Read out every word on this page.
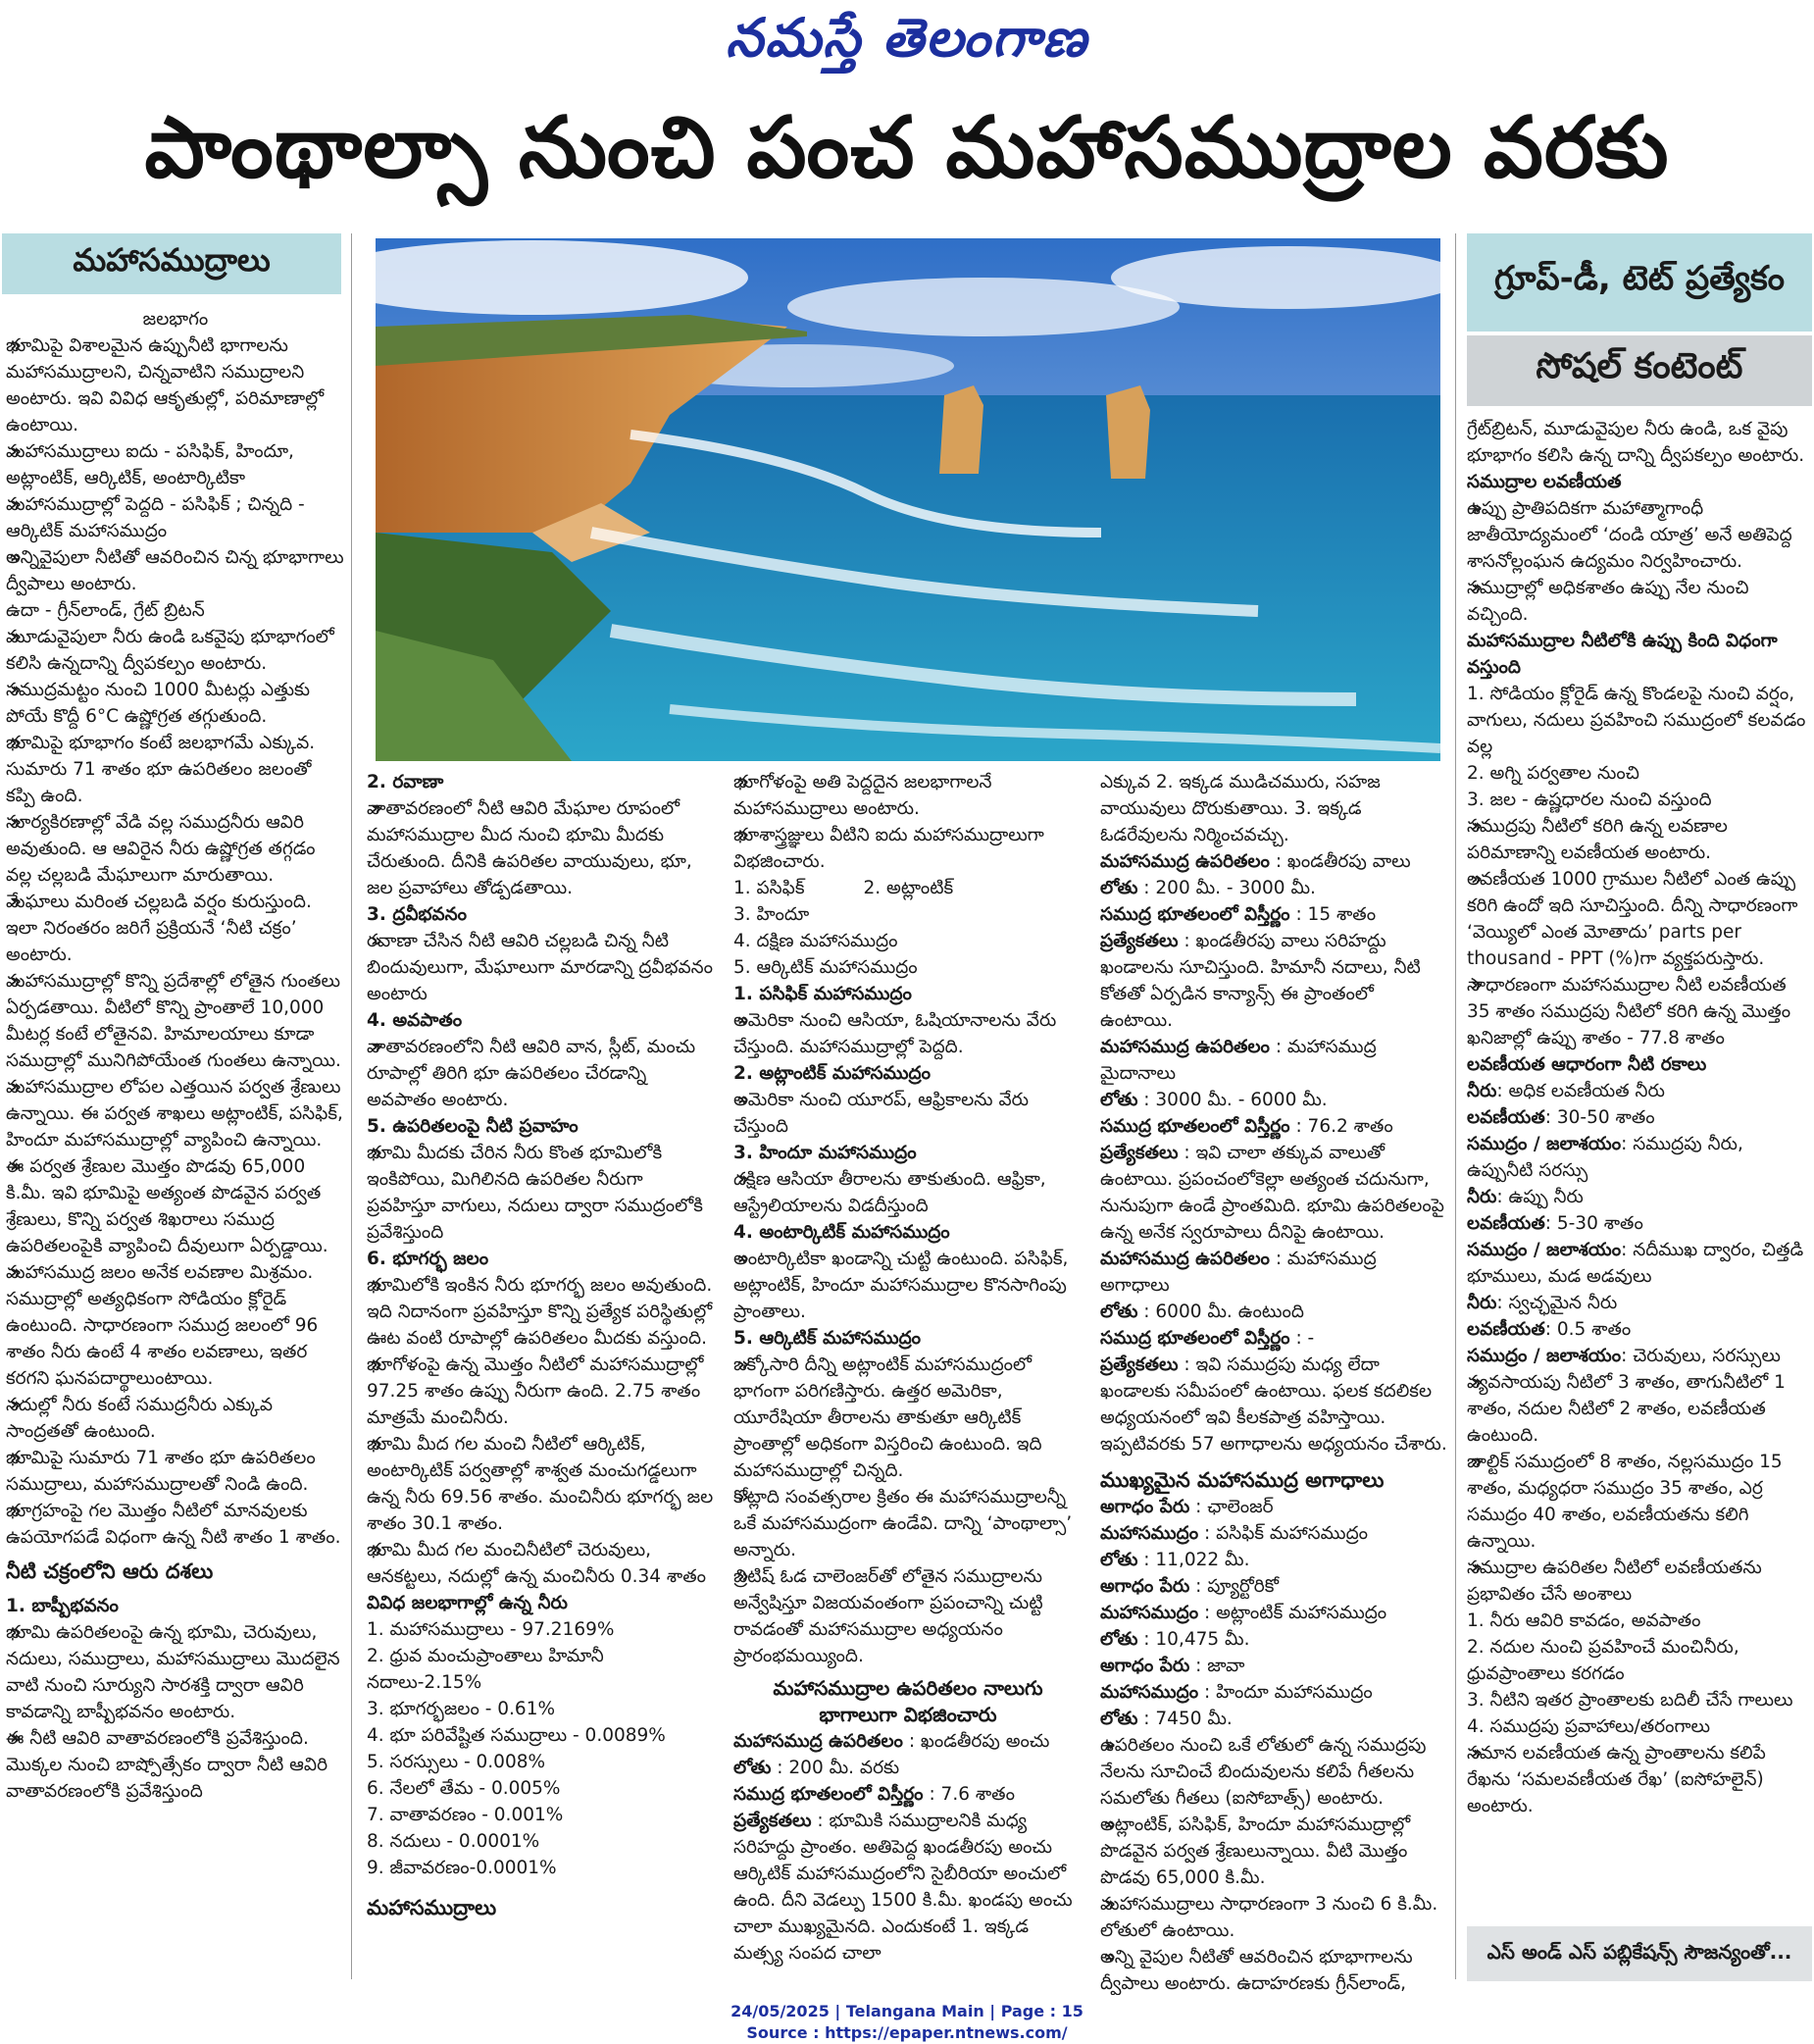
నమస్తే తెలంగాణ
పాంథాల్సా నుంచి పంచ మహాసముద్రాల వరకు
మహాసముద్రాలు	గ్రూప్-డీ, టెట్ ప్రత్యేకం
సోషల్ కంటెంట్

జలభాగం

» భూమిపై విశాలమైన ఉప్పునీటి భాగాలను మహాసముద్రాలని, చిన్నవాటిని సముద్రాలని అంటారు. ఇవి వివిధ ఆకృతుల్లో, పరిమాణాల్లో ఉంటాయి.

» మహాసముద్రాలు ఐదు - పసిఫిక్, హిందూ, అట్లాంటిక్, ఆర్కిటిక్, అంటార్కిటికా

» మహాసముద్రాల్లో పెద్దది - పసిఫిక్ ; చిన్నది - ఆర్కిటిక్ మహాసముద్రం

» అన్నివైపులా నీటితో ఆవరించిన చిన్న భూభాగాలు ద్వీపాలు అంటారు.

ఉదా - గ్రీన్‌లాండ్, గ్రేట్ బ్రిటన్

» మూడువైపులా నీరు ఉండి ఒకవైపు భూభాగంలో కలిసి ఉన్నదాన్ని ద్వీపకల్పం అంటారు.

» సముద్రమట్టం నుంచి 1000 మీటర్లు ఎత్తుకు పోయే కొద్దీ 6°C ఉష్ణోగ్రత తగ్గుతుంది.

» భూమిపై భూభాగం కంటే జలభాగమే ఎక్కువ. సుమారు 71 శాతం భూ ఉపరితలం జలంతో కప్పి ఉంది.

» సూర్యకిరణాల్లో వేడి వల్ల సముద్రనీరు ఆవిరి అవుతుంది. ఆ ఆవిరైన నీరు ఉష్ణోగ్రత తగ్గడం వల్ల చల్లబడి మేఘాలుగా మారుతాయి.

» మేఘాలు మరింత చల్లబడి వర్షం కురుస్తుంది. ఇలా నిరంతరం జరిగే ప్రక్రియనే ‘నీటి చక్రం’ అంటారు.

» మహాసముద్రాల్లో కొన్ని ప్రదేశాల్లో లోతైన గుంతలు ఏర్పడతాయి. వీటిలో కొన్ని ప్రాంతాలే 10,000 మీటర్ల కంటే లోతైనవి. హిమాలయాలు కూడా సముద్రాల్లో మునిగిపోయేంత గుంతలు ఉన్నాయి.

» మహాసముద్రాల లోపల ఎత్తయిన పర్వత శ్రేణులు ఉన్నాయి. ఈ పర్వత శాఖలు అట్లాంటిక్, పసిఫిక్, హిందూ మహాసముద్రాల్లో వ్యాపించి ఉన్నాయి.

» ఈ పర్వత శ్రేణుల మొత్తం పొడవు 65,000 కి.మీ. ఇవి భూమిపై అత్యంత పొడవైన పర్వత శ్రేణులు, కొన్ని పర్వత శిఖరాలు సముద్ర ఉపరితలంపైకి వ్యాపించి దీవులుగా ఏర్పడ్డాయి.

» మహాసముద్ర జలం అనేక లవణాల మిశ్రమం. సముద్రాల్లో అత్యధికంగా సోడియం క్లోరైడ్ ఉంటుంది. సాధారణంగా సముద్ర జలంలో 96 శాతం నీరు ఉంటే 4 శాతం లవణాలు, ఇతర కరగని ఘనపదార్థాలుంటాయి.

» నదుల్లో నీరు కంటే సముద్రనీరు ఎక్కువ సాంద్రతతో ఉంటుంది.

» భూమిపై సుమారు 71 శాతం భూ ఉపరితలం సముద్రాలు, మహాసముద్రాలతో నిండి ఉంది.

» భూగ్రహంపై గల మొత్తం నీటిలో మానవులకు ఉపయోగపడే విధంగా ఉన్న నీటి శాతం 1 శాతం.

నీటి చక్రంలోని ఆరు దశలు

1. బాష్పీభవనం

» భూమి ఉపరితలంపై ఉన్న భూమి, చెరువులు, నదులు, సముద్రాలు, మహాసముద్రాలు మొదలైన వాటి నుంచి సూర్యుని సారశక్తి ద్వారా ఆవిరి కావడాన్ని బాష్పీభవనం అంటారు.

» ఈ నీటి ఆవిరి వాతావరణంలోకి ప్రవేశిస్తుంది. మొక్కల నుంచి బాష్పోత్సేకం ద్వారా నీటి ఆవిరి వాతావరణంలోకి ప్రవేశిస్తుంది

2. రవాణా

» వాతావరణంలో నీటి ఆవిరి మేఘాల రూపంలో మహాసముద్రాల మీద నుంచి భూమి మీదకు చేరుతుంది. దీనికి ఉపరితల వాయువులు, భూ, జల ప్రవాహాలు తోడ్పడతాయి.

3. ద్రవీభవనం

» రవాణా చేసిన నీటి ఆవిరి చల్లబడి చిన్న నీటి బిందువులుగా, మేఘాలుగా మారడాన్ని ద్రవీభవనం అంటారు

4. అవపాతం

» వాతావరణంలోని నీటి ఆవిరి వాన, స్లీట్, మంచు రూపాల్లో తిరిగి భూ ఉపరితలం చేరడాన్ని అవపాతం అంటారు.

5. ఉపరితలంపై నీటి ప్రవాహం

» భూమి మీదకు చేరిన నీరు కొంత భూమిలోకి ఇంకిపోయి, మిగిలినది ఉపరితల నీరుగా ప్రవహిస్తూ వాగులు, నదులు ద్వారా సముద్రంలోకి ప్రవేశిస్తుంది

6. భూగర్భ జలం

» భూమిలోకి ఇంకిన నీరు భూగర్భ జలం అవుతుంది. ఇది నిదానంగా ప్రవహిస్తూ కొన్ని ప్రత్యేక పరిస్థితుల్లో ఊట వంటి రూపాల్లో ఉపరితలం మీదకు వస్తుంది.

» భూగోళంపై ఉన్న మొత్తం నీటిలో మహాసముద్రాల్లో 97.25 శాతం ఉప్పు నీరుగా ఉంది. 2.75 శాతం మాత్రమే మంచినీరు.

» భూమి మీద గల మంచి నీటిలో ఆర్కిటిక్, అంటార్కిటిక్ పర్వతాల్లో శాశ్వత మంచుగడ్డలుగా ఉన్న నీరు 69.56 శాతం. మంచినీరు భూగర్భ జల శాతం 30.1 శాతం.

» భూమి మీద గల మంచినీటిలో చెరువులు, ఆనకట్టలు, నదుల్లో ఉన్న మంచినీరు 0.34 శాతం

వివిధ జలభాగాల్లో ఉన్న నీరు

1. మహాసముద్రాలు - 97.2169%

2. ధ్రువ మంచుప్రాంతాలు హిమానీ నదాలు-2.15%

3. భూగర్భజలం - 0.61%

4. భూ పరివేష్టిత సముద్రాలు - 0.0089%

5. సరస్సులు - 0.008%

6. నేలలో తేమ - 0.005%

7. వాతావరణం - 0.001%

8. నదులు - 0.0001%

9. జీవావరణం-0.0001%

మహాసముద్రాలు

» భూగోళంపై అతి పెద్దదైన జలభాగాలనే మహాసముద్రాలు అంటారు.

» భూశాస్త్రజ్ఞులు వీటిని ఐదు మహాసముద్రాలుగా విభజించారు.

1. పసిఫిక్	2. అట్లాంటిక్

3. హిందూ

4. దక్షిణ మహాసముద్రం

5. ఆర్కిటిక్ మహాసముద్రం

1. పసిఫిక్ మహాసముద్రం

» అమెరికా నుంచి ఆసియా, ఓషియానాలను వేరు చేస్తుంది. మహాసముద్రాల్లో పెద్దది.

2. అట్లాంటిక్ మహాసముద్రం

» అమెరికా నుంచి యూరప్, ఆఫ్రికాలను వేరు చేస్తుంది

3. హిందూ మహాసముద్రం

» దక్షిణ ఆసియా తీరాలను తాకుతుంది. ఆఫ్రికా, ఆస్ట్రేలియాలను విడదీస్తుంది

4. అంటార్కిటిక్ మహాసముద్రం

» అంటార్కిటికా ఖండాన్ని చుట్టి ఉంటుంది. పసిఫిక్, అట్లాంటిక్, హిందూ మహాసముద్రాల కొనసాగింపు ప్రాంతాలు.

5. ఆర్కిటిక్ మహాసముద్రం

» ఒక్కోసారి దీన్ని అట్లాంటిక్ మహాసముద్రంలో భాగంగా పరిగణిస్తారు. ఉత్తర అమెరికా, యూరేషియా తీరాలను తాకుతూ ఆర్కిటిక్ ప్రాంతాల్లో అధికంగా విస్తరించి ఉంటుంది. ఇది మహాసముద్రాల్లో చిన్నది.

» కోట్లాది సంవత్సరాల క్రితం ఈ మహాసముద్రాలన్నీ ఒకే మహాసముద్రంగా ఉండేవి. దాన్ని ‘పాంథాల్సా’ అన్నారు.

» బ్రిటిష్ ఓడ చాలెంజర్‌తో లోతైన సముద్రాలను అన్వేషిస్తూ విజయవంతంగా ప్రపంచాన్ని చుట్టి రావడంతో మహాసముద్రాల అధ్యయనం ప్రారంభమయ్యింది.

మహాసముద్రాల ఉపరితలం నాలుగు భాగాలుగా విభజించారు

మహాసముద్ర ఉపరితలం : ఖండతీరపు అంచు

లోతు : 200 మీ. వరకు

సముద్ర భూతలంలో విస్తీర్ణం : 7.6 శాతం

ప్రత్యేకతలు : భూమికి సముద్రాలనికి మధ్య సరిహద్దు ప్రాంతం. అతిపెద్ద ఖండతీరపు అంచు ఆర్కిటిక్ మహాసముద్రంలోని సైబీరియా అంచులో ఉంది. దీని వెడల్పు 1500 కి.మీ. ఖండపు అంచు చాలా ముఖ్యమైనది. ఎందుకంటే 1. ఇక్కడ మత్స్య సంపద చాలా

ఎక్కువ 2. ఇక్కడ ముడిచమురు, సహజ వాయువులు దొరుకుతాయి. 3. ఇక్కడ ఓడరేవులను నిర్మించవచ్చు.

మహాసముద్ర ఉపరితలం : ఖండతీరపు వాలు

లోతు : 200 మీ. - 3000 మీ.

సముద్ర భూతలంలో విస్తీర్ణం : 15 శాతం

ప్రత్యేకతలు : ఖండతీరపు వాలు సరిహద్దు ఖండాలను సూచిస్తుంది. హిమానీ నదాలు, నీటి కోతతో ఏర్పడిన కాన్యాన్స్ ఈ ప్రాంతంలో ఉంటాయి.

మహాసముద్ర ఉపరితలం : మహాసముద్ర మైదానాలు

లోతు : 3000 మీ. - 6000 మీ.

సముద్ర భూతలంలో విస్తీర్ణం : 76.2 శాతం

ప్రత్యేకతలు : ఇవి చాలా తక్కువ వాలుతో ఉంటాయి. ప్రపంచంలోకెల్లా అత్యంత చదునుగా, నునుపుగా ఉండే ప్రాంతమిది. భూమి ఉపరితలంపై ఉన్న అనేక స్వరూపాలు దీనిపై ఉంటాయి.

మహాసముద్ర ఉపరితలం : మహాసముద్ర అగాధాలు

లోతు : 6000 మీ. ఉంటుంది

సముద్ర భూతలంలో విస్తీర్ణం : -

ప్రత్యేకతలు : ఇవి సముద్రపు మధ్య లేదా ఖండాలకు సమీపంలో ఉంటాయి. ఫలక కదలికల అధ్యయనంలో ఇవి కీలకపాత్ర వహిస్తాయి. ఇప్పటివరకు 57 అగాధాలను అధ్యయనం చేశారు.

ముఖ్యమైన మహాసముద్ర అగాధాలు

అగాధం పేరు : ఛాలెంజర్

మహాసముద్రం : పసిఫిక్ మహాసముద్రం

లోతు : 11,022 మీ.

అగాధం పేరు : ప్యూర్టోరికో

మహాసముద్రం : అట్లాంటిక్ మహాసముద్రం

లోతు : 10,475 మీ.

అగాధం పేరు : జావా

మహాసముద్రం : హిందూ మహాసముద్రం

లోతు : 7450 మీ.

» ఉపరితలం నుంచి ఒకే లోతులో ఉన్న సముద్రపు నేలను సూచించే బిందువులను కలిపే గీతలను సమలోతు గీతలు (ఐసోబాత్స్) అంటారు.

» అట్లాంటిక్, పసిఫిక్, హిందూ మహాసముద్రాల్లో పొడవైన పర్వత శ్రేణులున్నాయి. వీటి మొత్తం పొడవు 65,000 కి.మీ.

» మహాసముద్రాలు సాధారణంగా 3 నుంచి 6 కి.మీ. లోతులో ఉంటాయి.

» అన్ని వైపుల నీటితో ఆవరించిన భూభాగాలను ద్వీపాలు అంటారు. ఉదాహరణకు గ్రీన్‌లాండ్,

గ్రేట్‌బ్రిటన్, మూడువైపుల నీరు ఉండి, ఒక వైపు భూభాగం కలిసి ఉన్న దాన్ని ద్వీపకల్పం అంటారు.

సముద్రాల లవణీయత

» ఉప్పు ప్రాతిపదికగా మహాత్మాగాంధీ జాతీయోద్యమంలో ‘దండి యాత్ర’ అనే అతిపెద్ద శాసనోల్లంఘన ఉద్యమం నిర్వహించారు.

» సముద్రాల్లో అధికశాతం ఉప్పు నేల నుంచి వచ్చింది.

మహాసముద్రాల నీటిలోకి ఉప్పు కింది విధంగా వస్తుంది

1. సోడియం క్లోరైడ్ ఉన్న కొండలపై నుంచి వర్షం, వాగులు, నదులు ప్రవహించి సముద్రంలో కలవడం వల్ల

2. అగ్ని పర్వతాల నుంచి

3. జల - ఉష్ణధారల నుంచి వస్తుంది

» సముద్రపు నీటిలో కరిగి ఉన్న లవణాల పరిమాణాన్ని లవణీయత అంటారు.

» లవణీయత 1000 గ్రాముల నీటిలో ఎంత ఉప్పు కరిగి ఉందో ఇది సూచిస్తుంది. దీన్ని సాధారణంగా ‘వెయ్యిలో ఎంత మోతాదు’ parts per thousand - PPT (%)గా వ్యక్తపరుస్తారు.

» సాధారణంగా మహాసముద్రాల నీటి లవణీయత 35 శాతం సముద్రపు నీటిలో కరిగి ఉన్న మొత్తం ఖనిజాల్లో ఉప్పు శాతం - 77.8 శాతం

లవణీయత ఆధారంగా నీటి రకాలు

నీరు: అధిక లవణీయత నీరు

లవణీయత: 30-50 శాతం

సముద్రం / జలాశయం: సముద్రపు నీరు, ఉప్పునీటి సరస్సు

నీరు: ఉప్పు నీరు

లవణీయత: 5-30 శాతం

సముద్రం / జలాశయం: నదీముఖ ద్వారం, చిత్తడి భూములు, మడ అడవులు

నీరు: స్వచ్ఛమైన నీరు

లవణీయత: 0.5 శాతం

సముద్రం / జలాశయం: చెరువులు, సరస్సులు

» వ్యవసాయపు నీటిలో 3 శాతం, తాగునీటిలో 1 శాతం, నదుల నీటిలో 2 శాతం, లవణీయత ఉంటుంది.

» బాల్టిక్ సముద్రంలో 8 శాతం, నల్లసముద్రం 15 శాతం, మధ్యధరా సముద్రం 35 శాతం, ఎర్ర సముద్రం 40 శాతం, లవణీయతను కలిగి ఉన్నాయి.

» సముద్రాల ఉపరితల నీటిలో లవణీయతను ప్రభావితం చేసే అంశాలు

1. నీరు ఆవిరి కావడం, అవపాతం

2. నదుల నుంచి ప్రవహించే మంచినీరు, ధ్రువప్రాంతాలు కరగడం

3. నీటిని ఇతర ప్రాంతాలకు బదిలీ చేసే గాలులు

4. సముద్రపు ప్రవాహాలు/తరంగాలు

» సమాన లవణీయత ఉన్న ప్రాంతాలను కలిపే రేఖను ‘సమలవణీయత రేఖ’ (ఐసోహలైన్) అంటారు.

ఎస్ అండ్ ఎస్ పబ్లికేషన్స్ సౌజన్యంతో...
24/05/2025 | Telangana Main | Page : 15
Source : https://epaper.ntnews.com/
